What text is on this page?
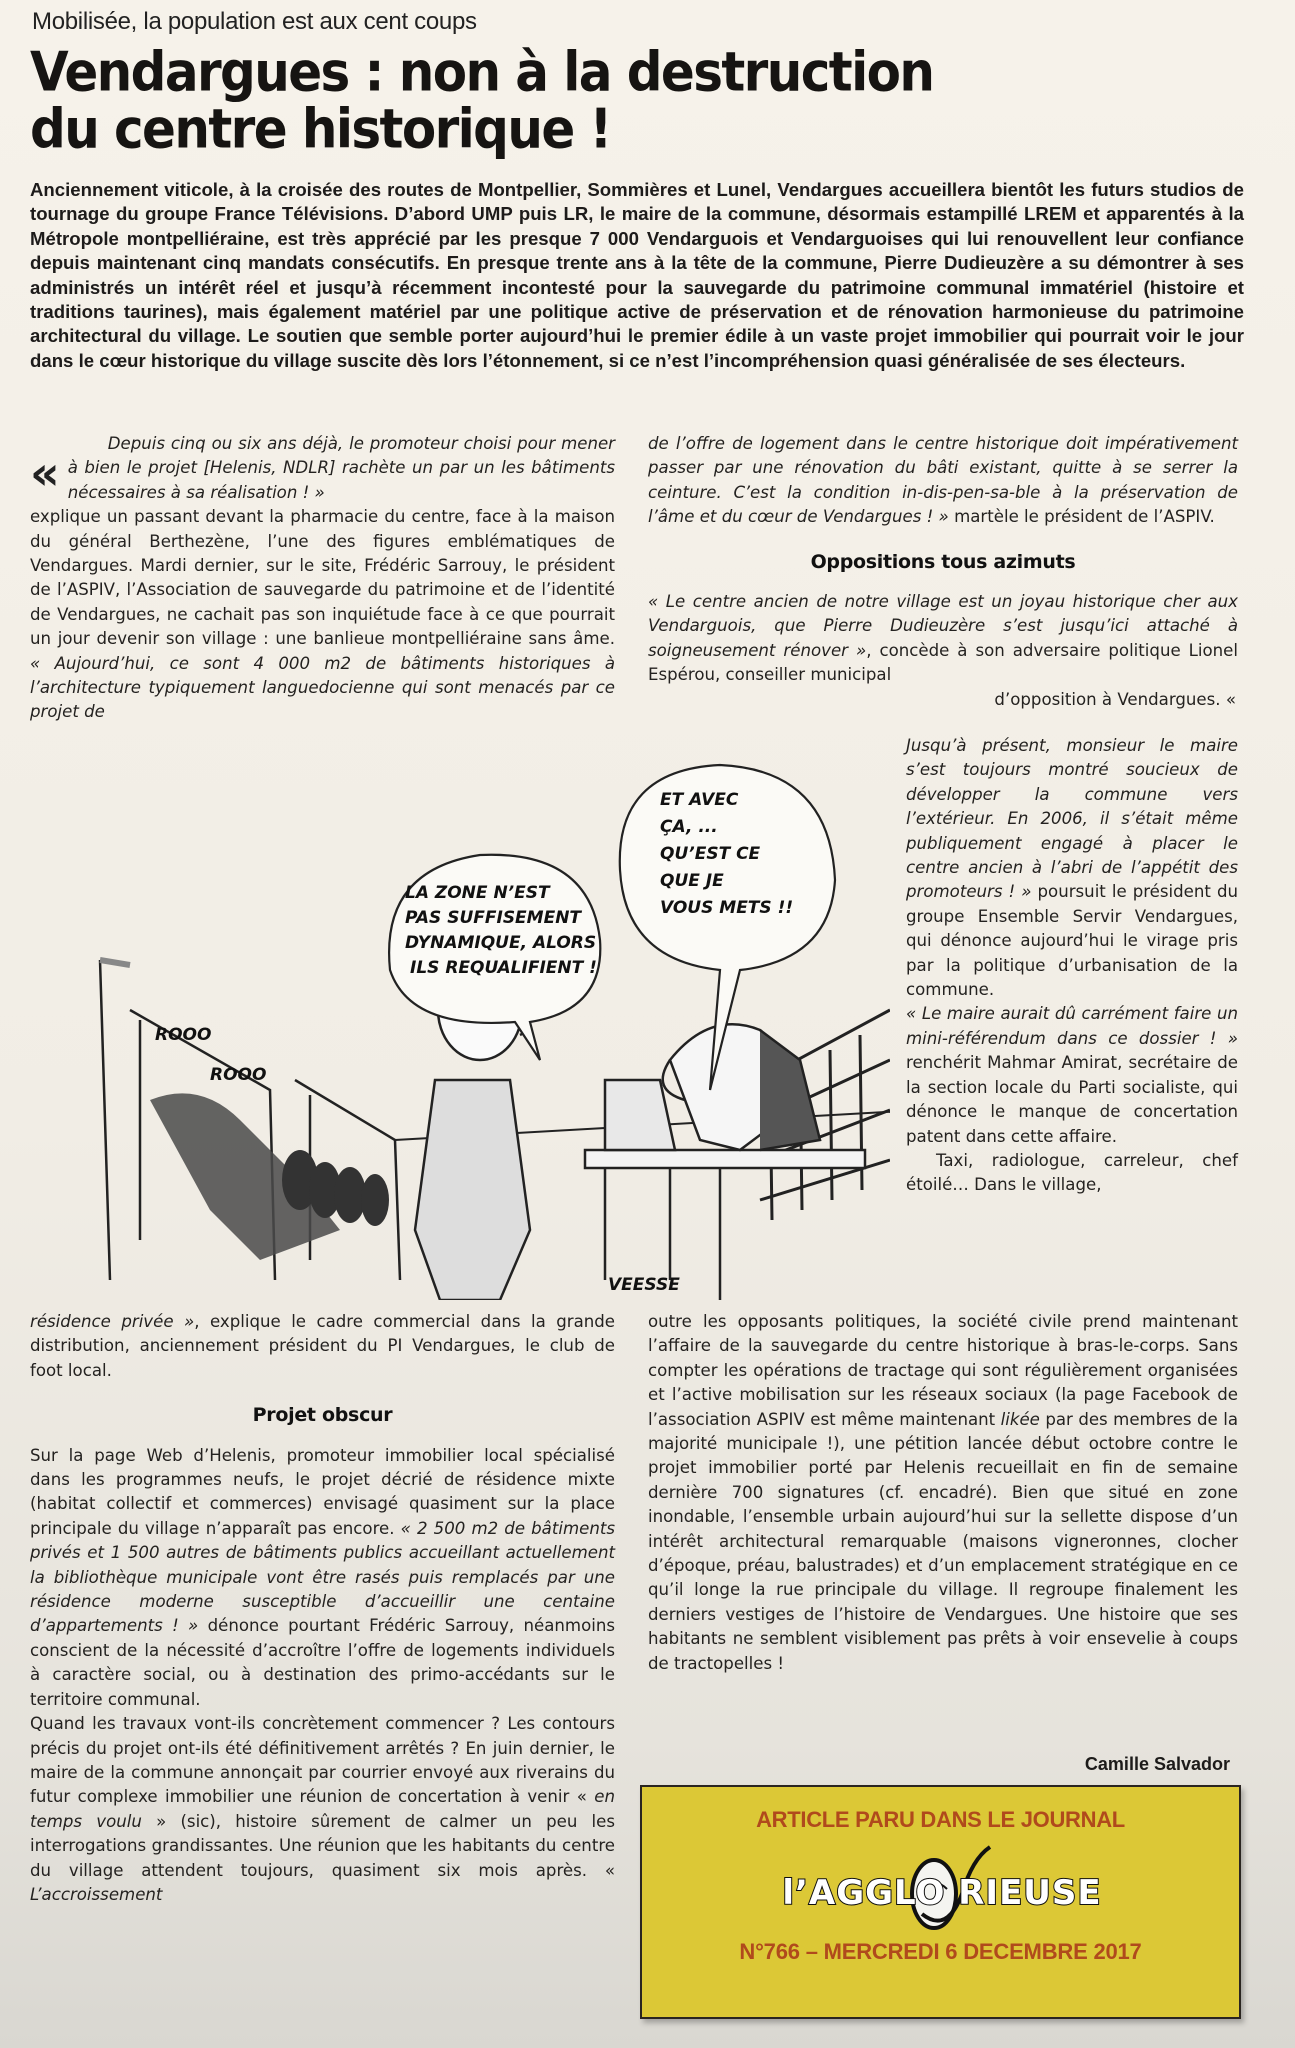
Mobilisée, la population est aux cent coups
Vendargues : non à la destruction
du centre historique !

Anciennement viticole, à la croisée des routes de Montpellier, Sommières et Lunel, Vendargues accueillera bientôt les futurs studios de tournage du groupe France Télévisions. D’abord UMP puis LR, le maire de la commune, désormais estampillé LREM et apparentés à la Métropole montpelliéraine, est très apprécié par les presque 7 000 Vendarguois et Vendarguoises qui lui renouvellent leur confiance depuis maintenant cinq mandats consécutifs. En presque trente ans à la tête de la commune, Pierre Dudieuzère a su démontrer à ses administrés un intérêt réel et jusqu’à récemment incontesté pour la sauvegarde du patrimoine communal immatériel (histoire et traditions taurines), mais également matériel par une politique active de préservation et de rénovation harmonieuse du patrimoine architectural du village. Le soutien que semble porter aujourd’hui le premier édile à un vaste projet immobilier qui pourrait voir le jour dans le cœur historique du village suscite dès lors l’étonnement, si ce n’est l’incompréhension quasi généralisée de ses électeurs.

«
Depuis cinq ou six ans déjà, le promoteur choisi pour mener à bien le projet [Helenis, NDLR] rachète un par un les bâtiments nécessaires à sa réalisation ! »
explique un passant devant la pharmacie du centre, face à la maison du général Berthezène, l’une des figures emblématiques de Vendargues. Mardi dernier, sur le site, Frédéric Sarrouy, le président de l’ASPIV, l’Association de sauvegarde du patrimoine et de l’identité de Vendargues, ne cachait pas son inquiétude face à ce que pourrait un jour devenir son village : une banlieue montpelliéraine sans âme. « Aujourd’hui, ce sont 4 000 m2 de bâtiments historiques à l’architecture typiquement languedocienne qui sont menacés par ce projet de

de l’offre de logement dans le centre historique doit impérativement passer par une rénovation du bâti existant, quitte à se serrer la ceinture. C’est la condition in-dis-pen-sa-ble à la préservation de l’âme et du cœur de Vendargues ! » martèle le président de l’ASPIV.

Oppositions tous azimuts

« Le centre ancien de notre village est un joyau historique cher aux Vendarguois, que Pierre Dudieuzère s’est jusqu’ici attaché à soigneusement rénover », concède à son adversaire politique Lionel Espérou, conseiller municipal

d’opposition à Vendargues. «

Jusqu’à présent, monsieur le maire s’est toujours montré soucieux de développer la commune vers l’extérieur. En 2006, il s’était même publiquement engagé à placer le centre ancien à l’abri de l’appétit des promoteurs ! » poursuit le président du groupe Ensemble Servir Vendargues, qui dénonce aujourd’hui le virage pris par la politique d’urbanisation de la commune.

« Le maire aurait dû carrément faire un mini-référendum dans ce dossier ! » renchérit Mahmar Amirat, secrétaire de la section locale du Parti socialiste, qui dénonce le manque de concertation patent dans cette affaire.

Taxi, radiologue, carreleur, chef étoilé… Dans le village,

ROOO
ROOO
LA ZONE N’EST
PAS SUFFISEMENT
DYNAMIQUE, ALORS
ILS REQUALIFIENT !
ET AVEC
ÇA, ...
QU’EST CE
QUE JE
VOUS METS !!
VEESSE

résidence privée », explique le cadre commercial dans la grande distribution, anciennement président du PI Vendargues, le club de foot local.

Projet obscur

Sur la page Web d’Helenis, promoteur immobilier local spécialisé dans les programmes neufs, le projet décrié de résidence mixte (habitat collectif et commerces) envisagé quasiment sur la place principale du village n’apparaît pas encore. « 2 500 m2 de bâtiments privés et 1 500 autres de bâtiments publics accueillant actuellement la bibliothèque municipale vont être rasés puis remplacés par une résidence moderne susceptible d’accueillir une centaine d’appartements ! » dénonce pourtant Frédéric Sarrouy, néanmoins conscient de la nécessité d’accroître l’offre de logements individuels à caractère social, ou à destination des primo-accédants sur le territoire communal.

Quand les travaux vont-ils concrètement commencer ? Les contours précis du projet ont-ils été définitivement arrêtés ? En juin dernier, le maire de la commune annonçait par courrier envoyé aux riverains du futur complexe immobilier une réunion de concertation à venir « en temps voulu » (sic), histoire sûrement de calmer un peu les interrogations grandissantes. Une réunion que les habitants du centre du village attendent toujours, quasiment six mois après. « L’accroissement

outre les opposants politiques, la société civile prend maintenant l’affaire de la sauvegarde du centre historique à bras-le-corps. Sans compter les opérations de tractage qui sont régulièrement organisées et l’active mobilisation sur les réseaux sociaux (la page Facebook de l’association ASPIV est même maintenant likée par des membres de la majorité municipale !), une pétition lancée début octobre contre le projet immobilier porté par Helenis recueillait en fin de semaine dernière 700 signatures (cf. encadré). Bien que situé en zone inondable, l’ensemble urbain aujourd’hui sur la sellette dispose d’un intérêt architectural remarquable (maisons vigneronnes, clocher d’époque, préau, balustrades) et d’un emplacement stratégique en ce qu’il longe la rue principale du village. Il regroupe finalement les derniers vestiges de l’histoire de Vendargues. Une histoire que ses habitants ne semblent visiblement pas prêts à voir ensevelie à coups de tractopelles !

Camille Salvador
ARTICLE PARU DANS LE JOURNAL
l’AGGLO RIEUSE
N°766 – MERCREDI 6 DECEMBRE 2017
